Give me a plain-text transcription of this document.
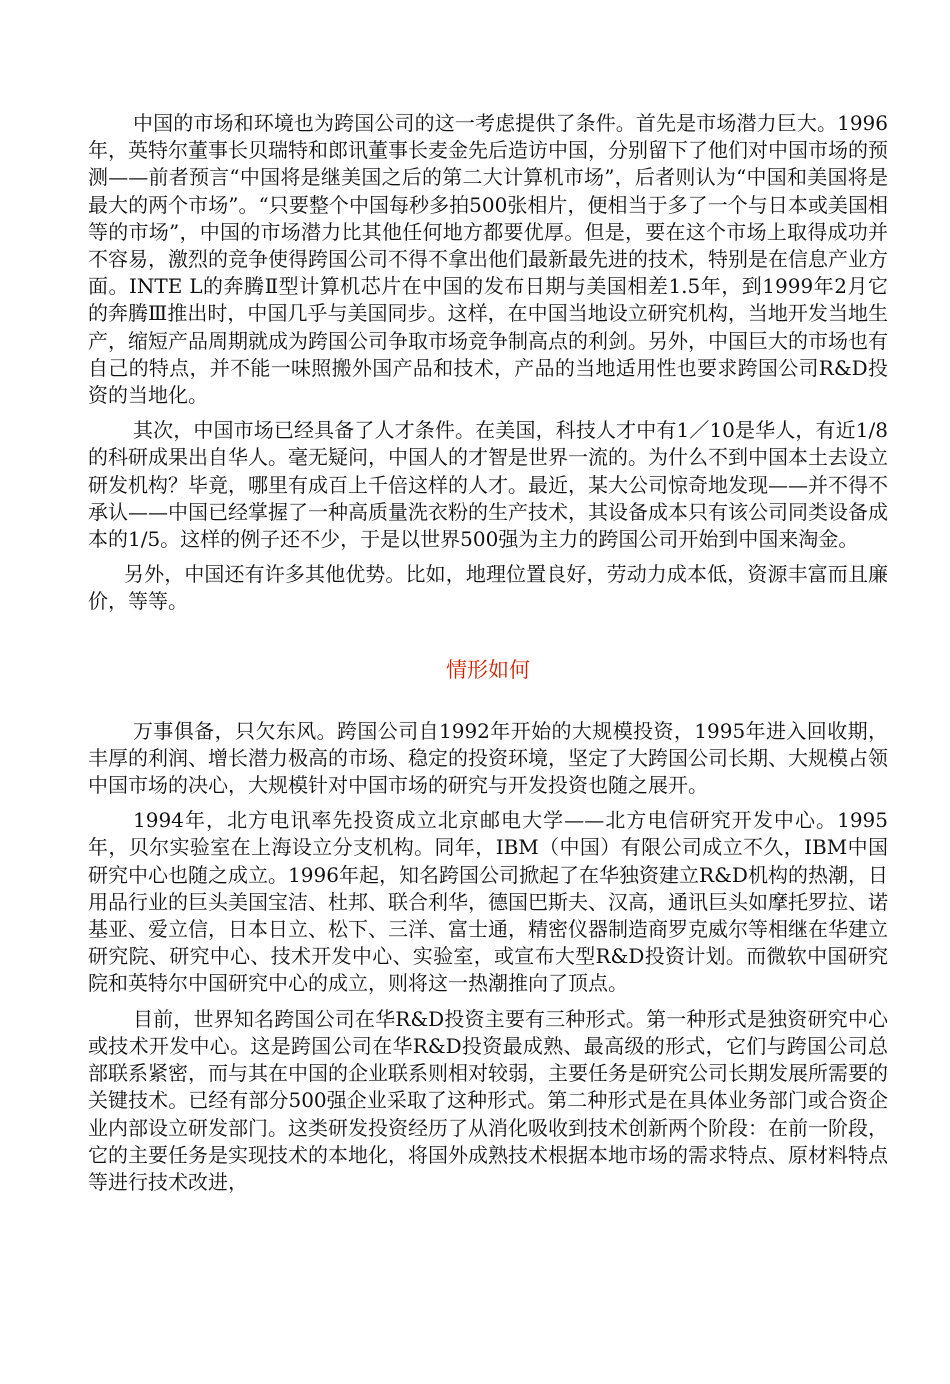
中国的市场和环境也为跨国公司的这一考虑提供了条件。首先是市场潜力巨大。1996年，英特尔董事长贝瑞特和郎讯董事长麦金先后造访中国，分别留下了他们对中国市场的预测——前者预言“中国将是继美国之后的第二大计算机市场”，后者则认为“中国和美国将是最大的两个市场”。“只要整个中国每秒多拍500张相片，便相当于多了一个与日本或美国相等的市场”，中国的市场潜力比其他任何地方都要优厚。但是，要在这个市场上取得成功并不容易，激烈的竞争使得跨国公司不得不拿出他们最新最先进的技术，特别是在信息产业方面。INTE L的奔腾Ⅱ型计算机芯片在中国的发布日期与美国相差1.5年，到1999年2月它的奔腾Ⅲ推出时，中国几乎与美国同步。这样，在中国当地设立研究机构，当地开发当地生产，缩短产品周期就成为跨国公司争取市场竞争制高点的利剑。另外，中国巨大的市场也有自己的特点，并不能一味照搬外国产品和技术，产品的当地适用性也要求跨国公司R&D投资的当地化。

其次，中国市场已经具备了人才条件。在美国，科技人才中有1／10是华人，有近1/8的科研成果出自华人。毫无疑问，中国人的才智是世界一流的。为什么不到中国本土去设立研发机构？毕竟，哪里有成百上千倍这样的人才。最近，某大公司惊奇地发现——并不得不承认——中国已经掌握了一种高质量洗衣粉的生产技术，其设备成本只有该公司同类设备成本的1/5。这样的例子还不少，于是以世界500强为主力的跨国公司开始到中国来淘金。

另外，中国还有许多其他优势。比如，地理位置良好，劳动力成本低，资源丰富而且廉价，等等。

情形如何

万事俱备，只欠东风。跨国公司自1992年开始的大规模投资，1995年进入回收期，丰厚的利润、增长潜力极高的市场、稳定的投资环境，坚定了大跨国公司长期、大规模占领中国市场的决心，大规模针对中国市场的研究与开发投资也随之展开。

1994年，北方电讯率先投资成立北京邮电大学——北方电信研究开发中心。1995年，贝尔实验室在上海设立分支机构。同年，IBM（中国）有限公司成立不久，IBM中国研究中心也随之成立。1996年起，知名跨国公司掀起了在华独资建立R&D机构的热潮，日用品行业的巨头美国宝洁、杜邦、联合利华，德国巴斯夫、汉高，通讯巨头如摩托罗拉、诺基亚、爱立信，日本日立、松下、三洋、富士通，精密仪器制造商罗克威尔等相继在华建立研究院、研究中心、技术开发中心、实验室，或宣布大型R&D投资计划。而微软中国研究院和英特尔中国研究中心的成立，则将这一热潮推向了顶点。

目前，世界知名跨国公司在华R&D投资主要有三种形式。第一种形式是独资研究中心或技术开发中心。这是跨国公司在华R&D投资最成熟、最高级的形式，它们与跨国公司总部联系紧密，而与其在中国的企业联系则相对较弱，主要任务是研究公司长期发展所需要的关键技术。已经有部分500强企业采取了这种形式。第二种形式是在具体业务部门或合资企业内部设立研发部门。这类研发投资经历了从消化吸收到技术创新两个阶段：在前一阶段，它的主要任务是实现技术的本地化，将国外成熟技术根据本地市场的需求特点、原材料特点等进行技术改进，
